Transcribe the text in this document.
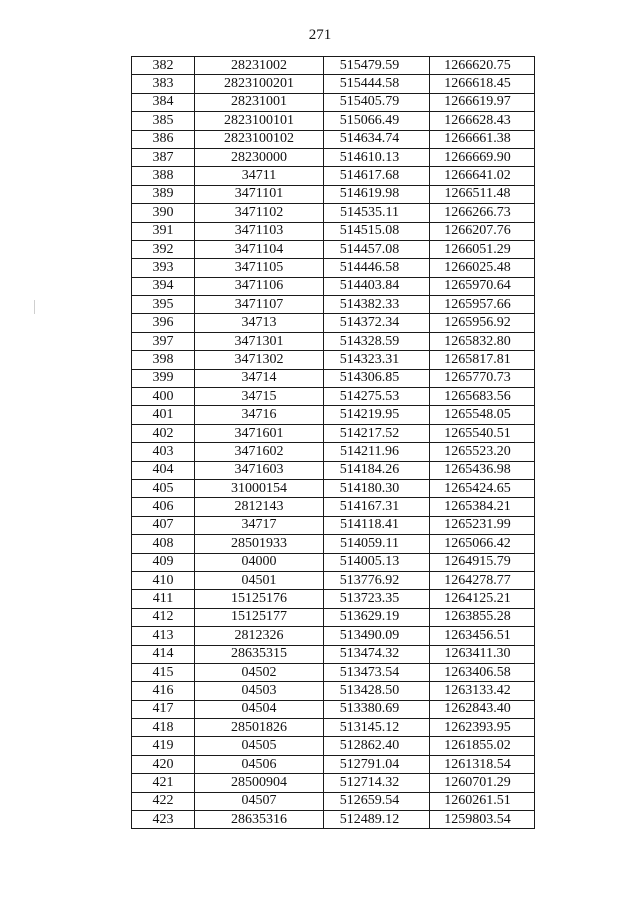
271
382	28231002	515479.59	1266620.75
383	2823100201	515444.58	1266618.45
384	28231001	515405.79	1266619.97
385	2823100101	515066.49	1266628.43
386	2823100102	514634.74	1266661.38
387	28230000	514610.13	1266669.90
388	34711	514617.68	1266641.02
389	3471101	514619.98	1266511.48
390	3471102	514535.11	1266266.73
391	3471103	514515.08	1266207.76
392	3471104	514457.08	1266051.29
393	3471105	514446.58	1266025.48
394	3471106	514403.84	1265970.64
395	3471107	514382.33	1265957.66
396	34713	514372.34	1265956.92
397	3471301	514328.59	1265832.80
398	3471302	514323.31	1265817.81
399	34714	514306.85	1265770.73
400	34715	514275.53	1265683.56
401	34716	514219.95	1265548.05
402	3471601	514217.52	1265540.51
403	3471602	514211.96	1265523.20
404	3471603	514184.26	1265436.98
405	31000154	514180.30	1265424.65
406	2812143	514167.31	1265384.21
407	34717	514118.41	1265231.99
408	28501933	514059.11	1265066.42
409	04000	514005.13	1264915.79
410	04501	513776.92	1264278.77
411	15125176	513723.35	1264125.21
412	15125177	513629.19	1263855.28
413	2812326	513490.09	1263456.51
414	28635315	513474.32	1263411.30
415	04502	513473.54	1263406.58
416	04503	513428.50	1263133.42
417	04504	513380.69	1262843.40
418	28501826	513145.12	1262393.95
419	04505	512862.40	1261855.02
420	04506	512791.04	1261318.54
421	28500904	512714.32	1260701.29
422	04507	512659.54	1260261.51
423	28635316	512489.12	1259803.54
